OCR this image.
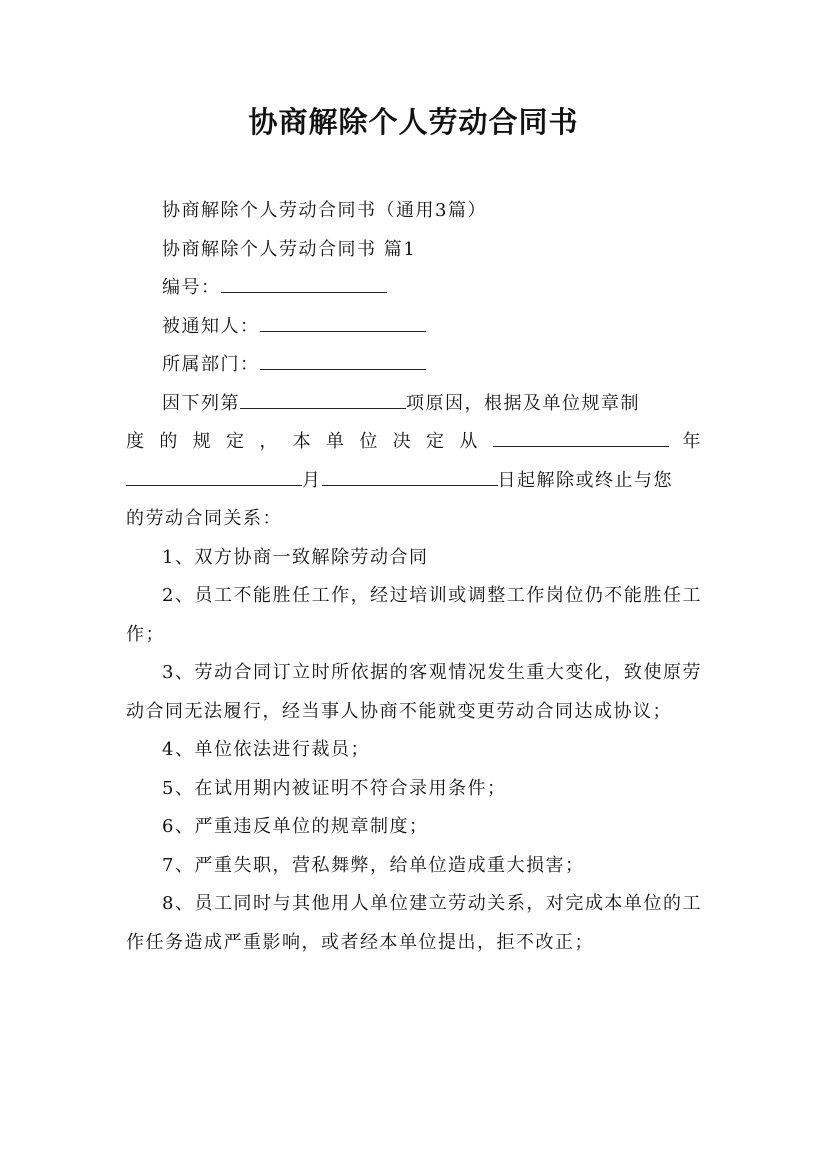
协商解除个人劳动合同书

协商解除个人劳动合同书（通用3篇）

协商解除个人劳动合同书 篇1

编号：

被通知人：

所属部门：

因下列第	项原因，根据及单位规章制

度的规定，本单位决定从	年

月	日起解除或终止与您

的劳动合同关系：

1、双方协商一致解除劳动合同

2、员工不能胜任工作，经过培训或调整工作岗位仍不能胜任工作；

3、劳动合同订立时所依据的客观情况发生重大变化，致使原劳动合同无法履行，经当事人协商不能就变更劳动合同达成协议；

4、单位依法进行裁员；

5、在试用期内被证明不符合录用条件；

6、严重违反单位的规章制度；

7、严重失职，营私舞弊，给单位造成重大损害；

8、员工同时与其他用人单位建立劳动关系，对完成本单位的工作任务造成严重影响，或者经本单位提出，拒不改正；
